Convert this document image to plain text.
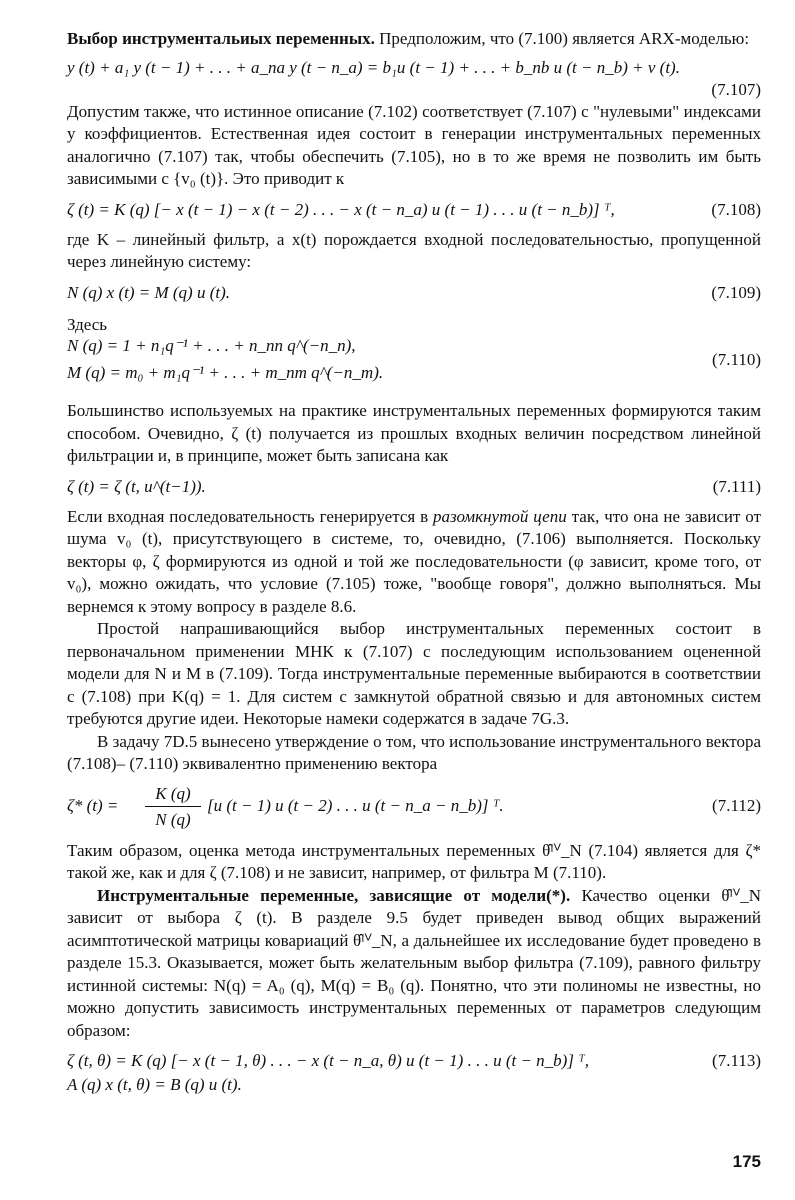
Выбор инструментальиых переменных. Предположим, что (7.100) является ARX-моделью:

y (t) + a₁ y (t − 1) + . . . + a_na y (t − n_a) = b₁u (t − 1) + . . . + b_nb u (t − n_b) + v (t).
(7.107)

Допустим также, что истинное описание (7.102) соответствует (7.107) с "нулевыми" индексами у коэффициентов. Естественная идея состоит в генерации инструментальных переменных аналогично (7.107) так, чтобы обеспечить (7.105), но в то же время не позволить им быть зависимыми с {v₀ (t)}. Это приводит к

ζ (t) = K (q) [− x (t − 1) − x (t − 2) . . . − x (t − n_a) u (t − 1) . . . u (t − n_b)] ᵀ,	(7.108)

где K – линейный фильтр, а x(t) порождается входной последовательностью, пропущенной через линейную систему:

N (q) x (t) = M (q) u (t).	(7.109)

Здесь

N (q) = 1 + n₁q⁻¹ + . . . + n_nn q^(−n_n),
M (q) = m₀ + m₁q⁻¹ + . . . + m_nm q^(−n_m).
(7.110)

Большинство используемых на практике инструментальных переменных формируются таким способом. Очевидно, ζ (t) получается из прошлых входных величин посредством линейной фильтрации и, в принципе, может быть записана как

ζ (t) = ζ (t, u^(t−1)).	(7.111)

Если входная последовательность генерируется в разомкнутой цепи так, что она не зависит от шума v₀ (t), присутствующего в системе, то, очевидно, (7.106) выполняется. Поскольку векторы φ, ζ формируются из одной и той же последовательности (φ зависит, кроме того, от v₀), можно ожидать, что условие (7.105) тоже, "вообще говоря", должно выполняться. Мы вернемся к этому вопросу в разделе 8.6.

Простой напрашивающийся выбор инструментальных переменных состоит в первоначальном применении МНК к (7.107) с последующим использованием оцененной модели для N и M в (7.109). Тогда инструментальные переменные выбираются в соответствии с (7.108) при K(q) = 1. Для систем с замкнутой обратной связью и для автономных систем требуются другие идеи. Некоторые намеки содержатся в задаче 7G.3.

В задачу 7D.5 вынесено утверждение о том, что использование инструментального вектора (7.108)– (7.110) эквивалентно применению вектора

ζ* (t) =
K (q)
N (q)
[u (t − 1) u (t − 2) . . . u (t − n_a − n_b)] ᵀ.	(7.112)

Таким образом, оценка метода инструментальных переменных θ̂ᴵⱽ_N (7.104) является для ζ* такой же, как и для ζ (7.108) и не зависит, например, от фильтра M (7.110).

Инструментальные переменные, зависящие от модели(*). Качество оценки θ̂ᴵⱽ_N зависит от выбора ζ (t). В разделе 9.5 будет приведен вывод общих выражений асимптотической матрицы ковариаций θ̂ᴵⱽ_N, а дальнейшее их исследование будет проведено в разделе 15.3. Оказывается, может быть желательным выбор фильтра (7.109), равного фильтру истинной системы: N(q) = A₀ (q), M(q) = B₀ (q). Понятно, что эти полиномы не известны, но можно допустить зависимость инструментальных переменных от параметров следующим образом:

ζ (t, θ) = K (q) [− x (t − 1, θ) . . . − x (t − n_a, θ) u (t − 1) . . . u (t − n_b)] ᵀ,	(7.113)
A (q) x (t, θ) = B (q) u (t).
175
